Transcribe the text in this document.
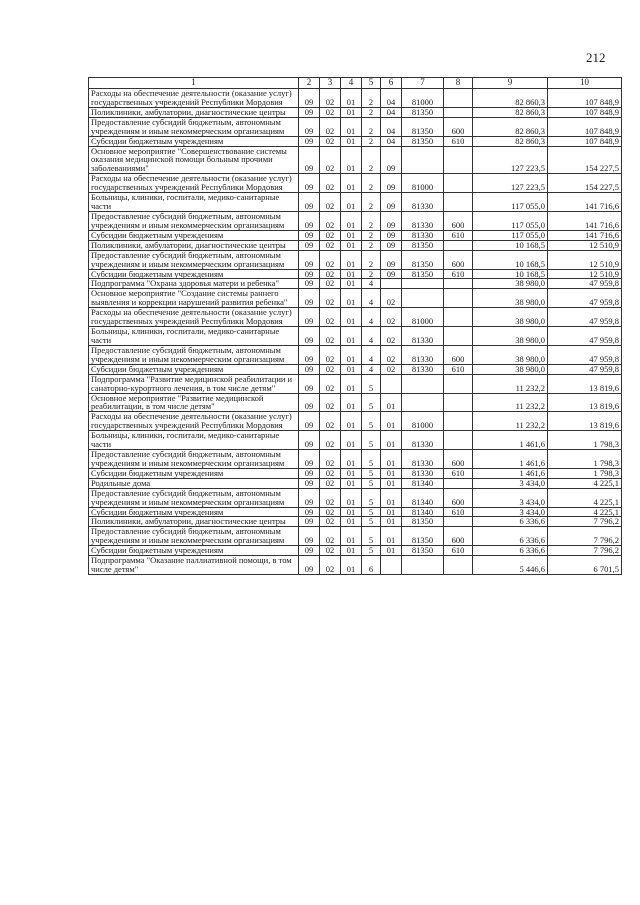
212
1	2	3	4	5	6	7	8	9	10
Расходы на обеспечение деятельности (оказание услуг) государственных учреждений Республики Мордовия	09	02	01	2	04	81000		82 860,3	107 848,9
Поликлиники, амбулатории, диагностические центры	09	02	01	2	04	81350		82 860,3	107 848,9
Предоставление субсидий бюджетным, автономным учреждениям и иным некоммерческим организациям	09	02	01	2	04	81350	600	82 860,3	107 848,9
Субсидии бюджетным учреждениям	09	02	01	2	04	81350	610	82 860,3	107 848,9
Основное мероприятие "Совершенствование системы оказания медицинской помощи больным прочими заболеваниями"	09	02	01	2	09			127 223,5	154 227,5
Расходы на обеспечение деятельности (оказание услуг) государственных учреждений Республики Мордовия	09	02	01	2	09	81000		127 223,5	154 227,5
Больницы, клиники, госпитали, медико-санитарные части	09	02	01	2	09	81330		117 055,0	141 716,6
Предоставление субсидий бюджетным, автономным учреждениям и иным некоммерческим организациям	09	02	01	2	09	81330	600	117 055,0	141 716,6
Субсидии бюджетным учреждениям	09	02	01	2	09	81330	610	117 055,0	141 716,6
Поликлиники, амбулатории, диагностические центры	09	02	01	2	09	81350		10 168,5	12 510,9
Предоставление субсидий бюджетным, автономным учреждениям и иным некоммерческим организациям	09	02	01	2	09	81350	600	10 168,5	12 510,9
Субсидии бюджетным учреждениям	09	02	01	2	09	81350	610	10 168,5	12 510,9
Подпрограмма "Охрана здоровья матери и ребенка"	09	02	01	4				38 980,0	47 959,8
Основное мероприятие "Создание системы раннего выявления и коррекции нарушений развития ребенка"	09	02	01	4	02			38 980,0	47 959,8
Расходы на обеспечение деятельности (оказание услуг) государственных учреждений Республики Мордовия	09	02	01	4	02	81000		38 980,0	47 959,8
Больницы, клиники, госпитали, медико-санитарные части	09	02	01	4	02	81330		38 980,0	47 959,8
Предоставление субсидий бюджетным, автономным учреждениям и иным некоммерческим организациям	09	02	01	4	02	81330	600	38 980,0	47 959,8
Субсидии бюджетным учреждениям	09	02	01	4	02	81330	610	38 980,0	47 959,8
Подпрограмма "Развитие медицинской реабилитации и санаторно-курортного лечения, в том числе детям"	09	02	01	5				11 232,2	13 819,6
Основное мероприятие "Развитие медицинской реабилитации, в том числе детям"	09	02	01	5	01			11 232,2	13 819,6
Расходы на обеспечение деятельности (оказание услуг) государственных учреждений Республики Мордовия	09	02	01	5	01	81000		11 232,2	13 819,6
Больницы, клиники, госпитали, медико-санитарные части	09	02	01	5	01	81330		1 461,6	1 798,3
Предоставление субсидий бюджетным, автономным учреждениям и иным некоммерческим организациям	09	02	01	5	01	81330	600	1 461,6	1 798,3
Субсидии бюджетным учреждениям	09	02	01	5	01	81330	610	1 461,6	1 798,3
Родильные дома	09	02	01	5	01	81340		3 434,0	4 225,1
Предоставление субсидий бюджетным, автономным учреждениям и иным некоммерческим организациям	09	02	01	5	01	81340	600	3 434,0	4 225,1
Субсидии бюджетным учреждениям	09	02	01	5	01	81340	610	3 434,0	4 225,1
Поликлиники, амбулатории, диагностические центры	09	02	01	5	01	81350		6 336,6	7 796,2
Предоставление субсидий бюджетным, автономным учреждениям и иным некоммерческим организациям	09	02	01	5	01	81350	600	6 336,6	7 796,2
Субсидии бюджетным учреждениям	09	02	01	5	01	81350	610	6 336,6	7 796,2
Подпрограмма "Оказание паллиативной помощи, в том числе детям"	09	02	01	6				5 446,6	6 701,5
